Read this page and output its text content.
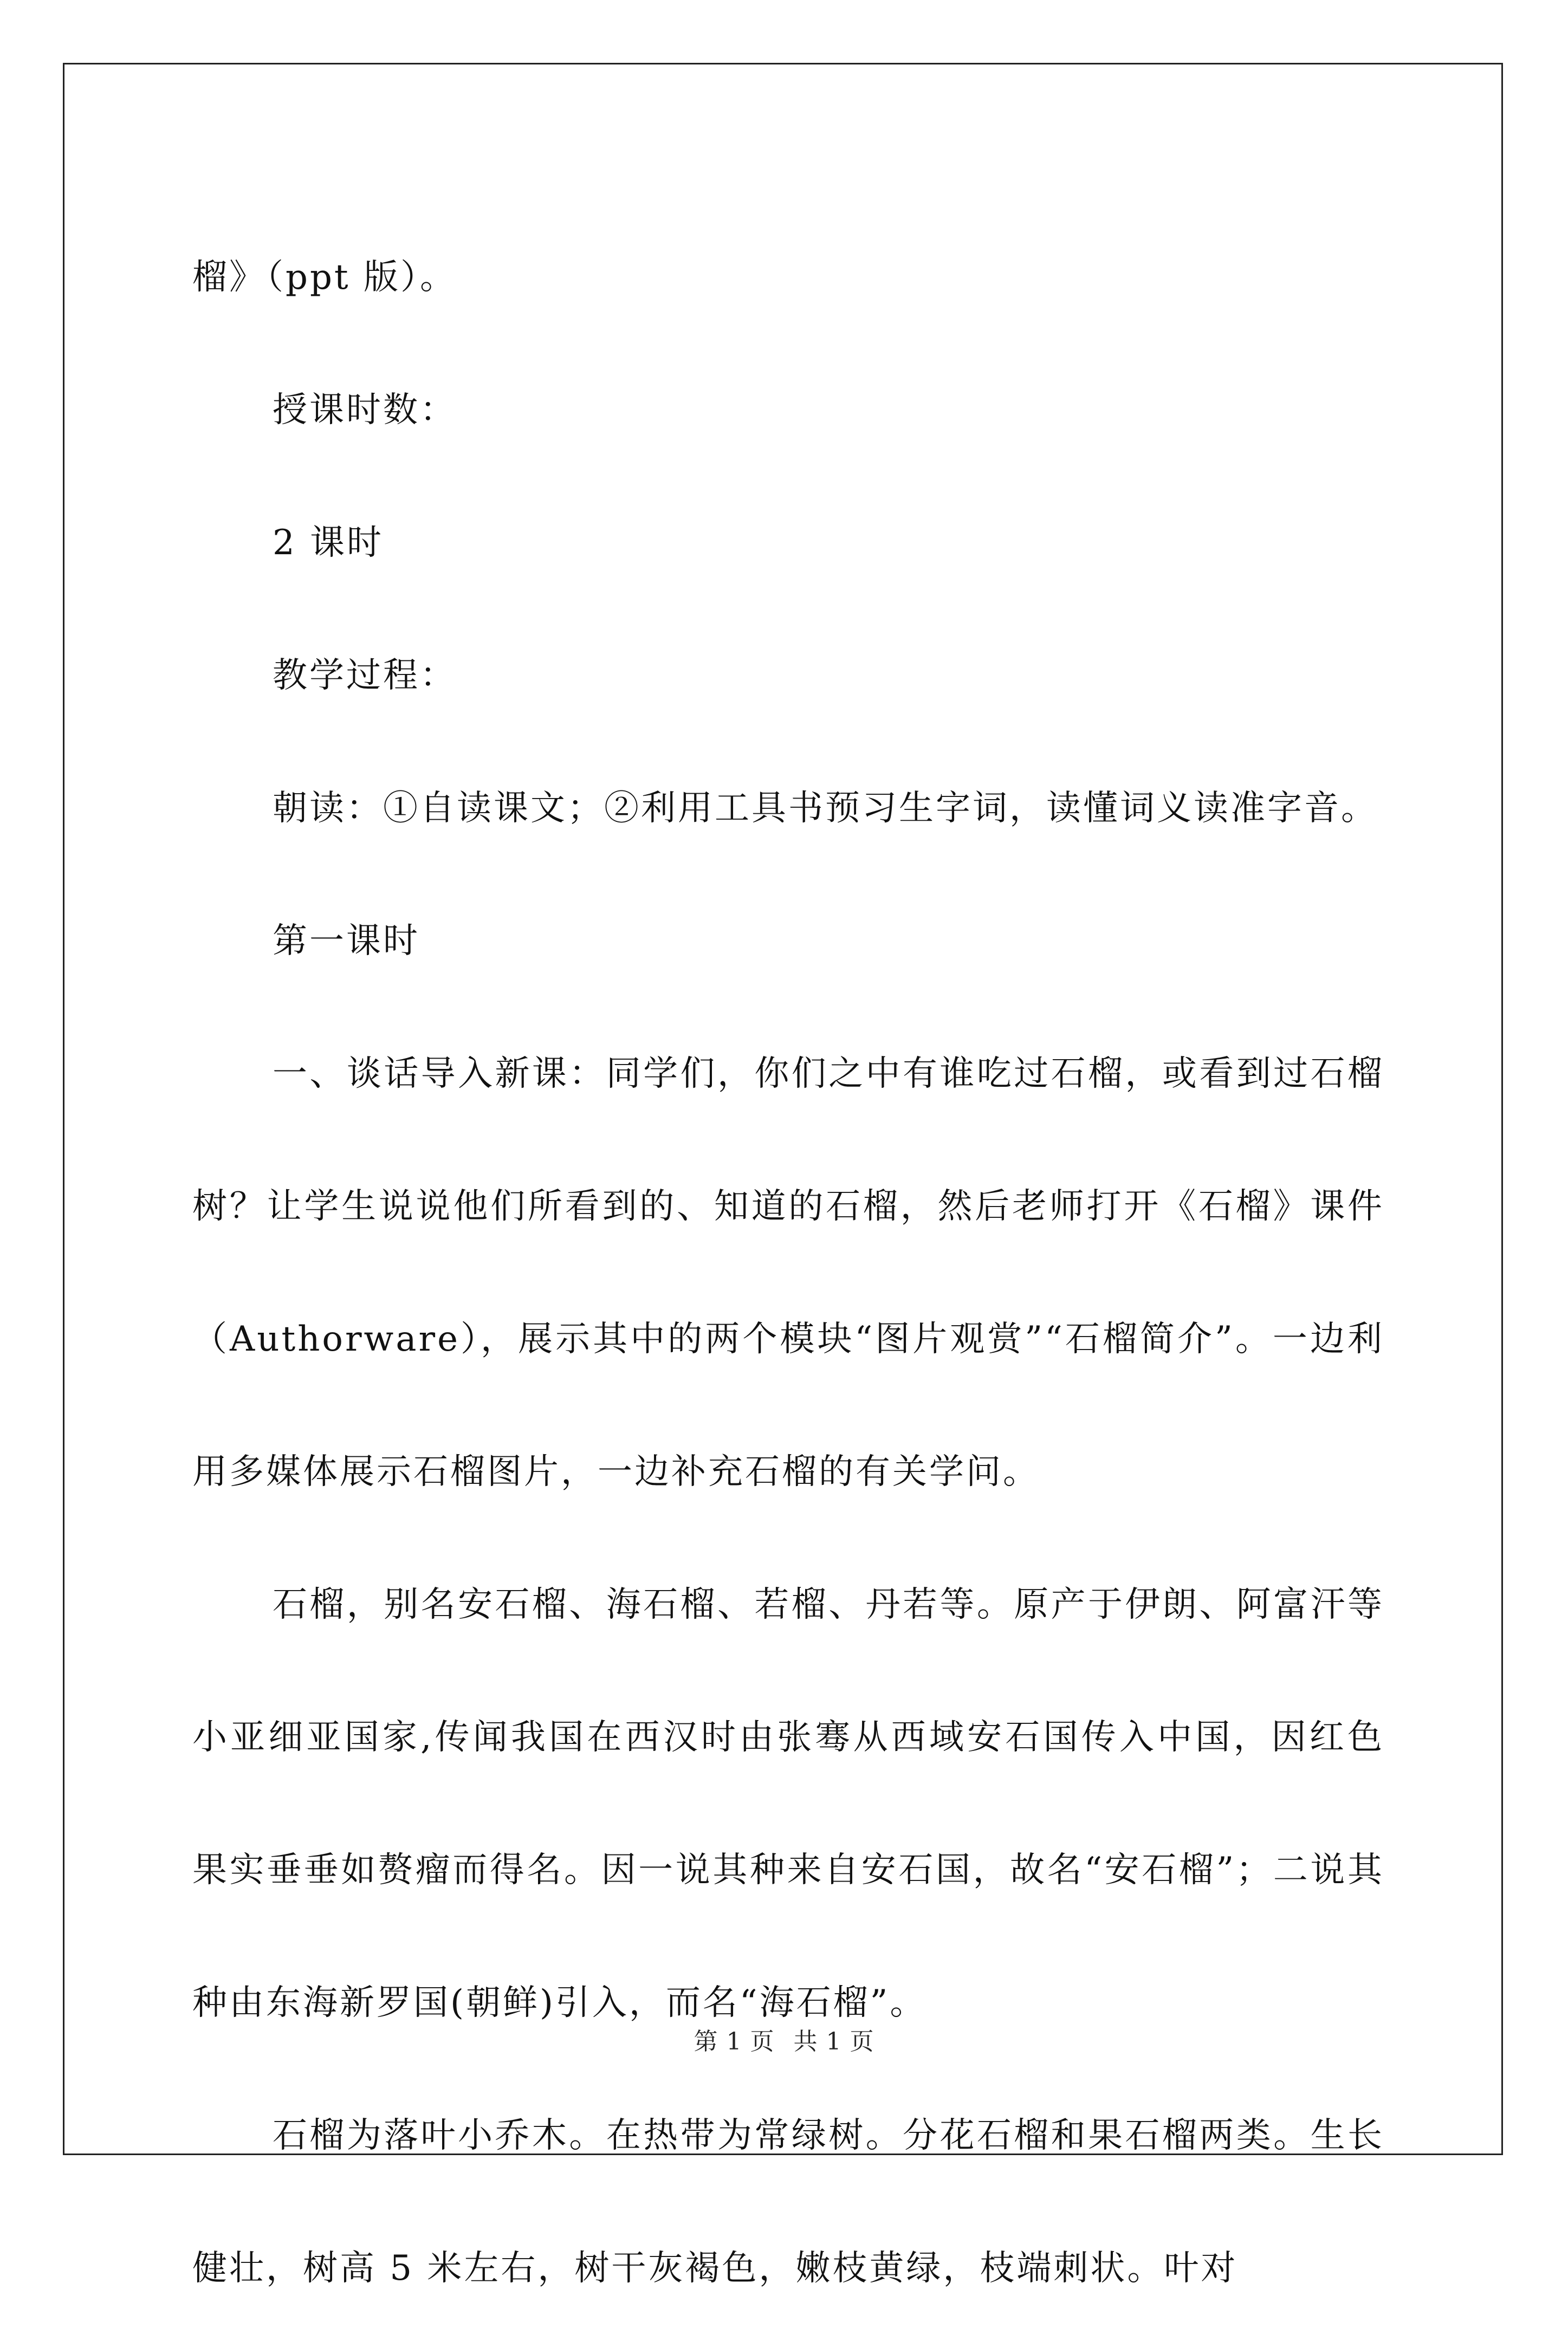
榴》（ppt 版）。

授课时数：

2 课时

教学过程：

朝读：①自读课文；②利用工具书预习生字词，读懂词义读准字音。

第一课时

一、谈话导入新课：同学们，你们之中有谁吃过石榴，或看到过石榴树？让学生说说他们所看到的、知道的石榴，然后老师打开《石榴》课件（Authorware），展示其中的两个模块“图片观赏”“石榴简介”。一边利用多媒体展示石榴图片，一边补充石榴的有关学问。

石榴，别名安石榴、海石榴、若榴、丹若等。原产于伊朗、阿富汗等小亚细亚国家,传闻我国在西汉时由张骞从西域安石国传入中国，因红色果实垂垂如赘瘤而得名。因一说其种来自安石国，故名“安石榴”；二说其种由东海新罗国(朝鲜)引入，而名“海石榴”。

石榴为落叶小乔木。在热带为常绿树。分花石榴和果石榴两类。生长健壮，树高 5 米左右，树干灰褐色，嫩枝黄绿，枝端刺状。叶对

第 1 页 共 1 页
